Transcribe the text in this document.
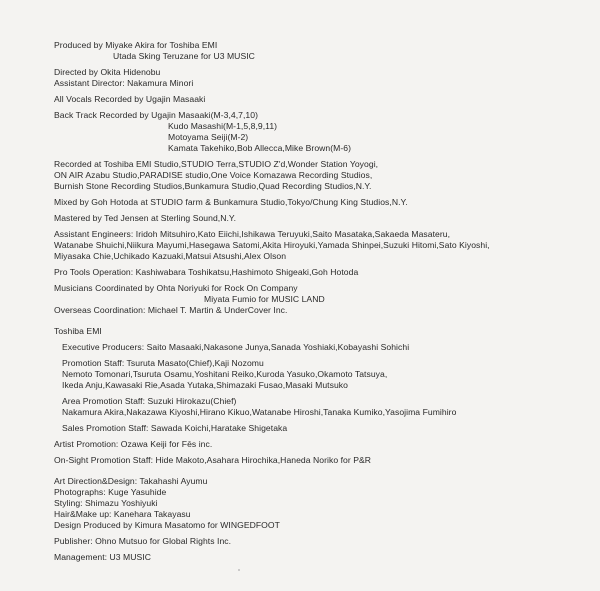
Produced by Miyake Akira for Toshiba EMI
Utada Sking Teruzane for U3 MUSIC
Directed by Okita Hidenobu
Assistant Director: Nakamura Minori
All Vocals Recorded by Ugajin Masaaki
Back Track Recorded by Ugajin Masaaki(M-3,4,7,10)
Kudo Masashi(M-1,5,8,9,11)
Motoyama Seiji(M-2)
Kamata Takehiko,Bob Allecca,Mike Brown(M-6)
Recorded at Toshiba EMI Studio,STUDIO Terra,STUDIO Z'd,Wonder Station Yoyogi,
ON AIR Azabu Studio,PARADISE studio,One Voice Komazawa Recording Studios,
Burnish Stone Recording Studios,Bunkamura Studio,Quad Recording Studios,N.Y.
Mixed by Goh Hotoda at STUDIO farm & Bunkamura Studio,Tokyo/Chung King Studios,N.Y.
Mastered by Ted Jensen at Sterling Sound,N.Y.
Assistant Engineers: Iridoh Mitsuhiro,Kato Eiichi,Ishikawa Teruyuki,Saito Masataka,Sakaeda Masateru,
Watanabe Shuichi,Niikura Mayumi,Hasegawa Satomi,Akita Hiroyuki,Yamada Shinpei,Suzuki Hitomi,Sato Kiyoshi,
Miyasaka Chie,Uchikado Kazuaki,Matsui Atsushi,Alex Olson
Pro Tools Operation: Kashiwabara Toshikatsu,Hashimoto Shigeaki,Goh Hotoda
Musicians Coordinated by Ohta Noriyuki for Rock On Company
Miyata Fumio for MUSIC LAND
Overseas Coordination: Michael T. Martin & UnderCover Inc.
Toshiba EMI
Executive Producers: Saito Masaaki,Nakasone Junya,Sanada Yoshiaki,Kobayashi Sohichi
Promotion Staff: Tsuruta Masato(Chief),Kaji Nozomu
Nemoto Tomonari,Tsuruta Osamu,Yoshitani Reiko,Kuroda Yasuko,Okamoto Tatsuya,
Ikeda Anju,Kawasaki Rie,Asada Yutaka,Shimazaki Fusao,Masaki Mutsuko
Area Promotion Staff: Suzuki Hirokazu(Chief)
Nakamura Akira,Nakazawa Kiyoshi,Hirano Kikuo,Watanabe Hiroshi,Tanaka Kumiko,Yasojima Fumihiro
Sales Promotion Staff: Sawada Koichi,Haratake Shigetaka
Artist Promotion: Ozawa Keiji for Fēs inc.
On-Sight Promotion Staff: Hide Makoto,Asahara Hirochika,Haneda Noriko for P&R
Art Direction&Design: Takahashi Ayumu
Photographs: Kuge Yasuhide
Styling: Shimazu Yoshiyuki
Hair&Make up: Kanehara Takayasu
Design Produced by Kimura Masatomo for WINGEDFOOT
Publisher: Ohno Mutsuo for Global Rights Inc.
Management: U3 MUSIC
